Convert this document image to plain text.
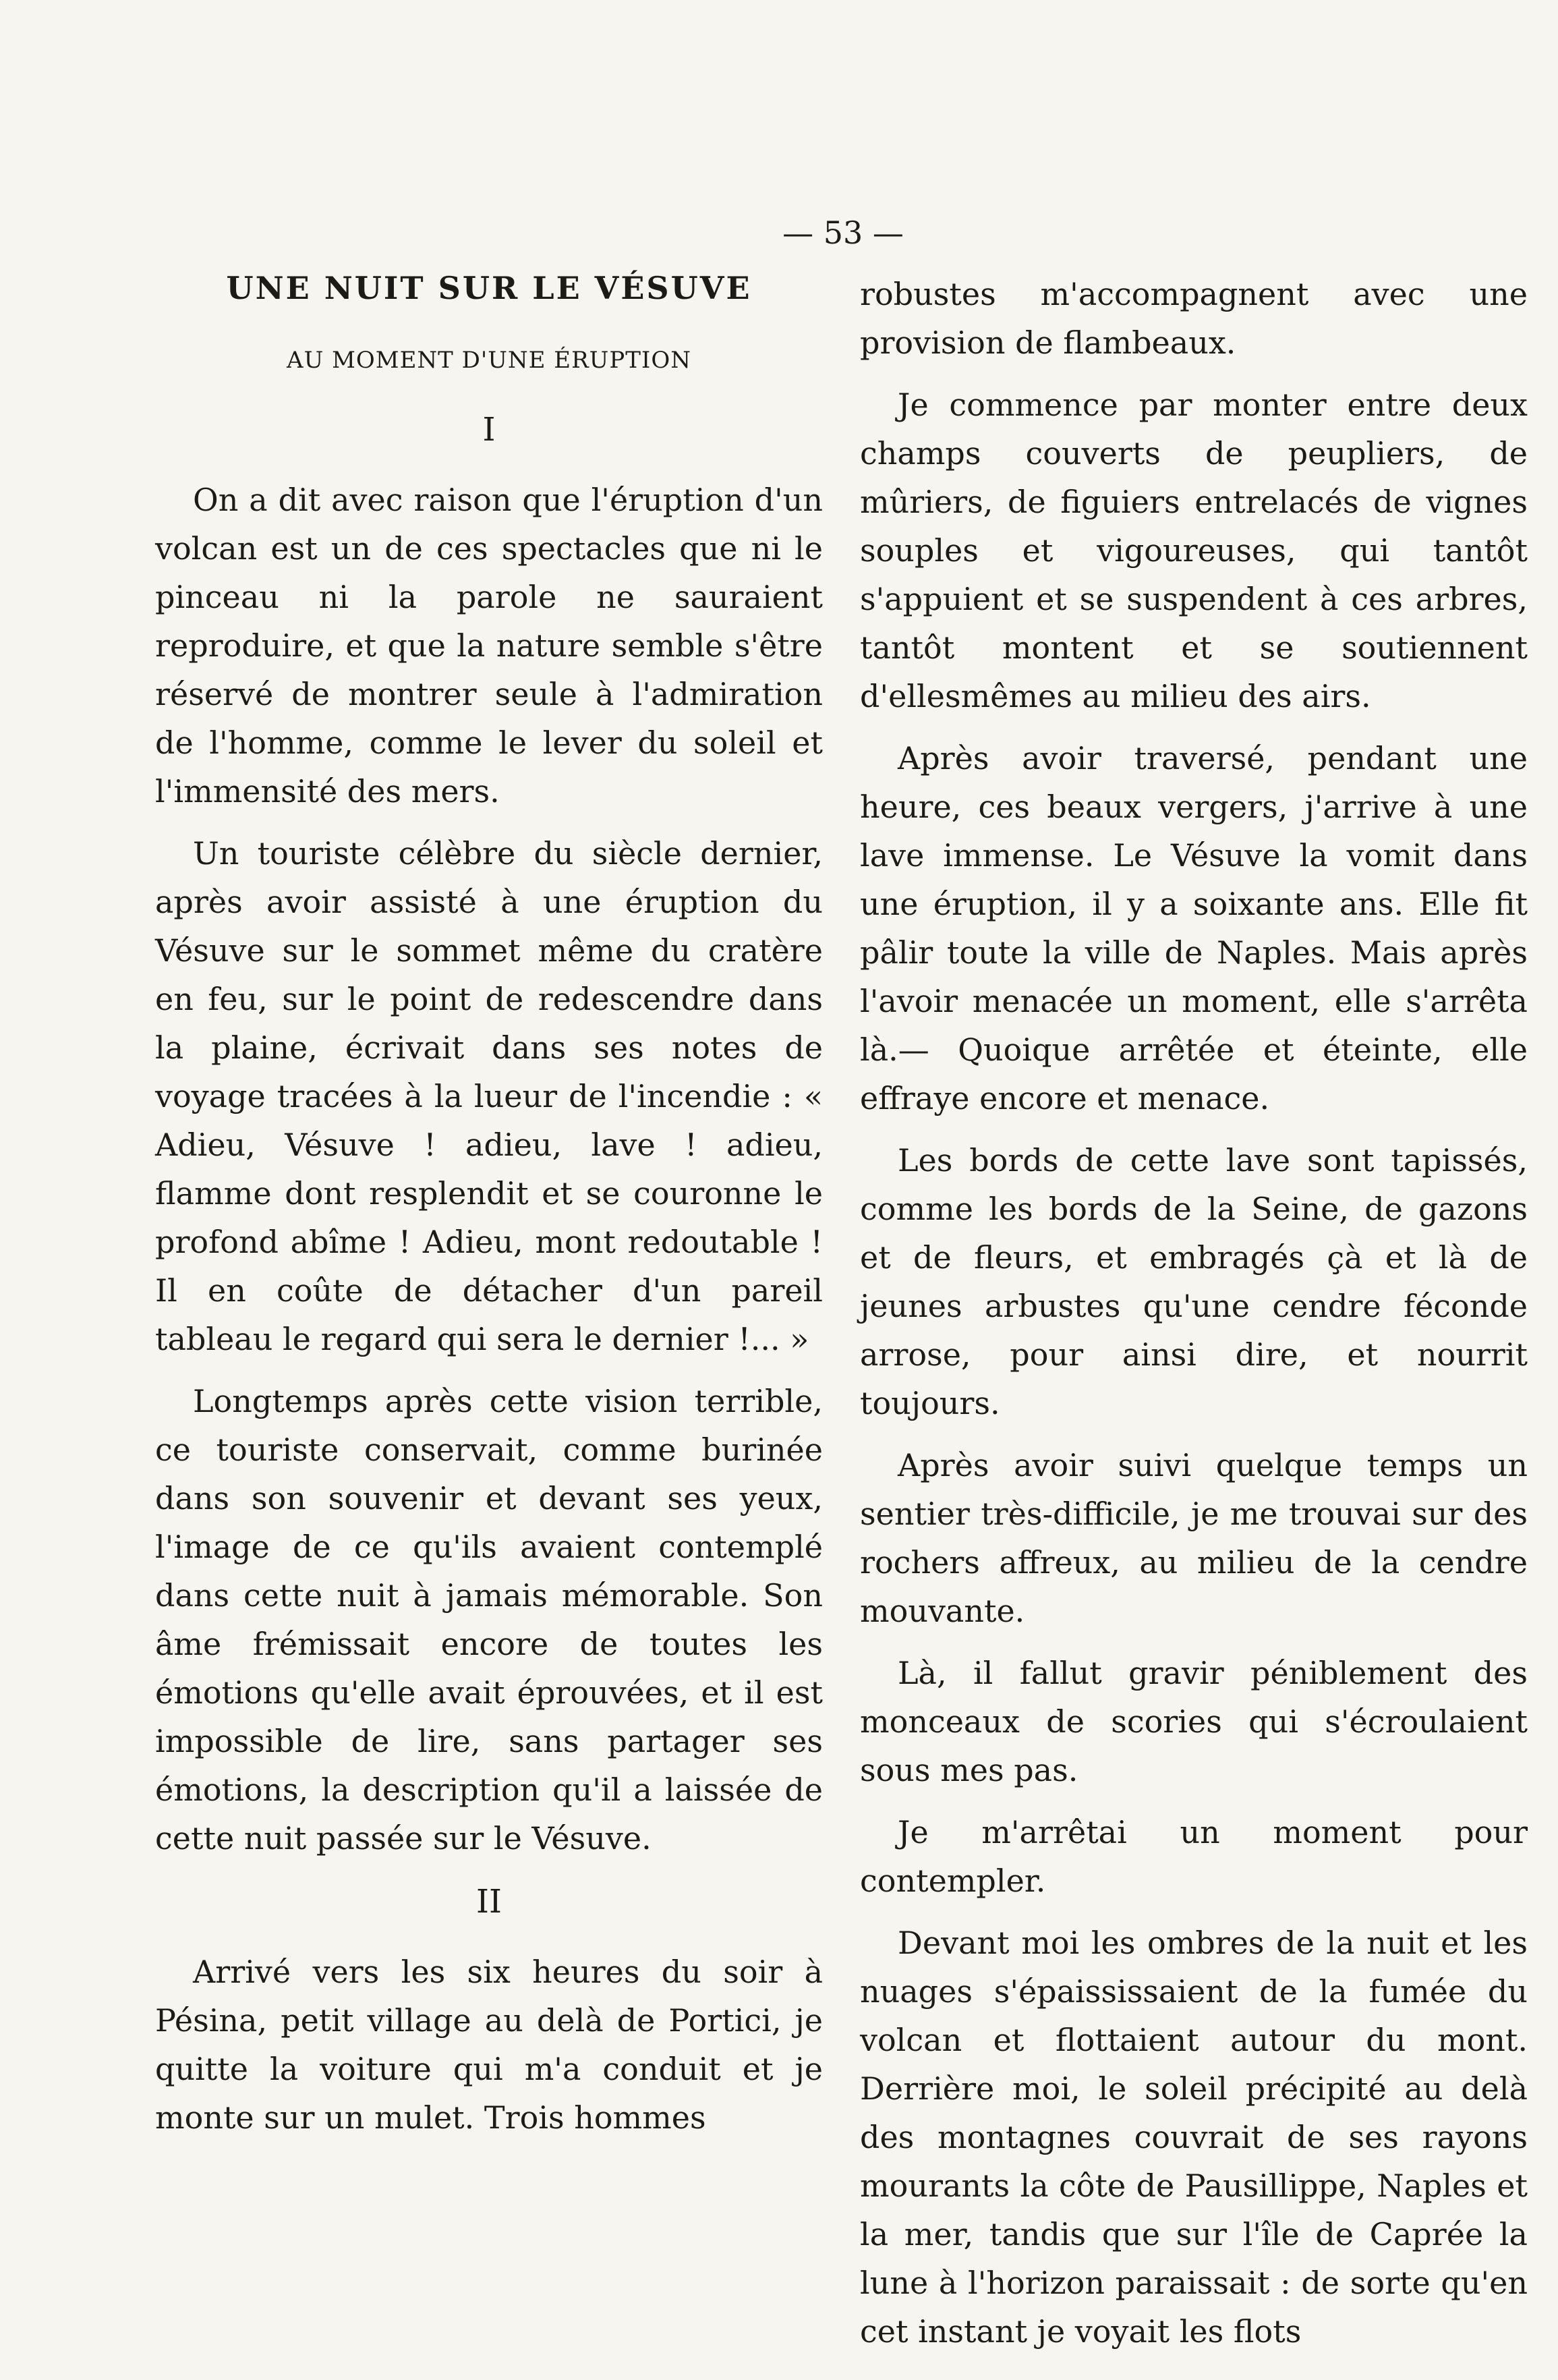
— 53 —
UNE NUIT SUR LE VÉSUVE
AU MOMENT D'UNE ÉRUPTION
I

On a dit avec raison que l'éruption d'un volcan est un de ces spectacles que ni le pinceau ni la parole ne sauraient reproduire, et que la nature semble s'être réservé de montrer seule à l'admiration de l'homme, comme le lever du soleil et l'immensité des mers.

Un touriste célèbre du siècle dernier, après avoir assisté à une éruption du Vésuve sur le sommet même du cratère en feu, sur le point de redescendre dans la plaine, écrivait dans ses notes de voyage tracées à la lueur de l'incendie : « Adieu, Vésuve ! adieu, lave ! adieu, flamme dont resplendit et se couronne le profond abîme ! Adieu, mont redoutable ! Il en coûte de détacher d'un pareil tableau le regard qui sera le dernier !... »

Longtemps après cette vision terrible, ce touriste conservait, comme burinée dans son souvenir et devant ses yeux, l'image de ce qu'ils avaient contemplé dans cette nuit à jamais mémorable. Son âme frémissait encore de toutes les émotions qu'elle avait éprouvées, et il est impossible de lire, sans partager ses émotions, la description qu'il a laissée de cette nuit passée sur le Vésuve.

II

Arrivé vers les six heures du soir à Pésina, petit village au delà de Portici, je quitte la voiture qui m'a conduit et je monte sur un mulet. Trois hommes

robustes m'accompagnent avec une provision de flambeaux.

Je commence par monter entre deux champs couverts de peupliers, de mûriers, de figuiers entrelacés de vignes souples et vigoureuses, qui tantôt s'appuient et se suspendent à ces arbres, tantôt montent et se soutiennent d'ellesmêmes au milieu des airs.

Après avoir traversé, pendant une heure, ces beaux vergers, j'arrive à une lave immense. Le Vésuve la vomit dans une éruption, il y a soixante ans. Elle fit pâlir toute la ville de Naples. Mais après l'avoir menacée un moment, elle s'arrêta là.— Quoique arrêtée et éteinte, elle effraye encore et menace.

Les bords de cette lave sont tapissés, comme les bords de la Seine, de gazons et de fleurs, et embragés çà et là de jeunes arbustes qu'une cendre féconde arrose, pour ainsi dire, et nourrit toujours.

Après avoir suivi quelque temps un sentier très-difficile, je me trouvai sur des rochers affreux, au milieu de la cendre mouvante.

Là, il fallut gravir péniblement des monceaux de scories qui s'écroulaient sous mes pas.

Je m'arrêtai un moment pour contempler.

Devant moi les ombres de la nuit et les nuages s'épaississaient de la fumée du volcan et flottaient autour du mont. Derrière moi, le soleil précipité au delà des montagnes couvrait de ses rayons mourants la côte de Pausillippe, Naples et la mer, tandis que sur l'île de Caprée la lune à l'horizon paraissait : de sorte qu'en cet instant je voyait les flots
